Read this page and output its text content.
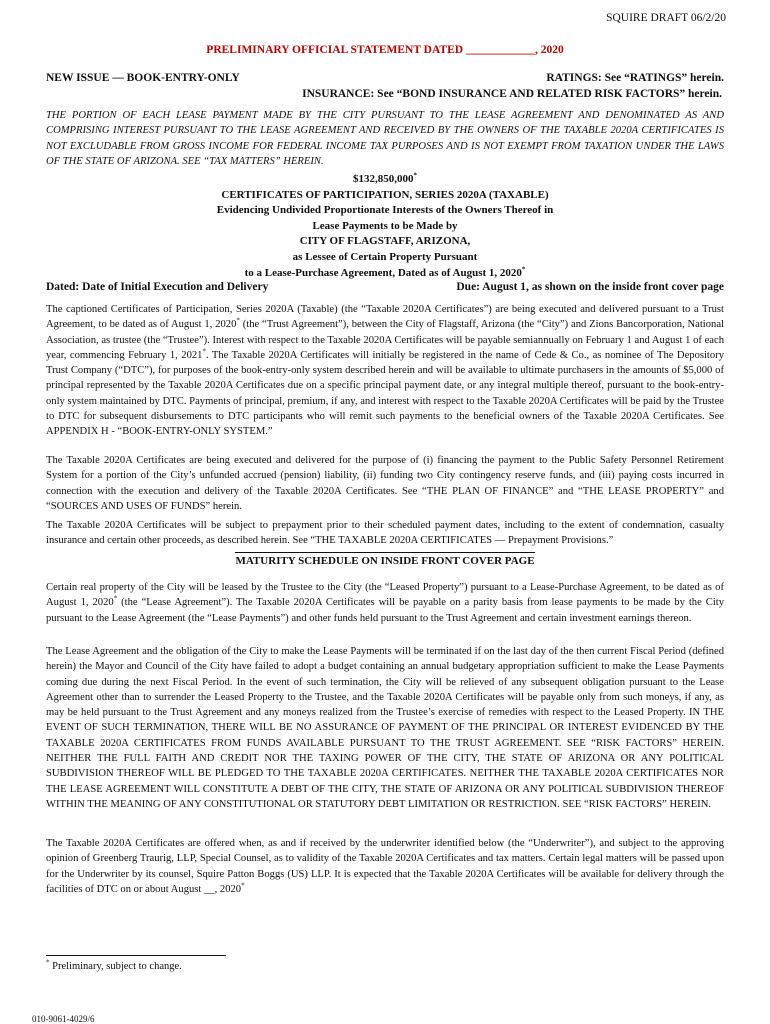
SQUIRE DRAFT 06/2/20
PRELIMINARY OFFICIAL STATEMENT DATED ____________, 2020
NEW ISSUE — BOOK-ENTRY-ONLY	RATINGS: See “RATINGS” herein.
INSURANCE: See “BOND INSURANCE AND RELATED RISK FACTORS” herein.
THE PORTION OF EACH LEASE PAYMENT MADE BY THE CITY PURSUANT TO THE LEASE AGREEMENT AND DENOMINATED AS AND COMPRISING INTEREST PURSUANT TO THE LEASE AGREEMENT AND RECEIVED BY THE OWNERS OF THE TAXABLE 2020A CERTIFICATES IS NOT EXCLUDABLE FROM GROSS INCOME FOR FEDERAL INCOME TAX PURPOSES AND IS NOT EXEMPT FROM TAXATION UNDER THE LAWS OF THE STATE OF ARIZONA. SEE “TAX MATTERS” HEREIN.
$132,850,000*
CERTIFICATES OF PARTICIPATION, SERIES 2020A (TAXABLE)
Evidencing Undivided Proportionate Interests of the Owners Thereof in
Lease Payments to be Made by
CITY OF FLAGSTAFF, ARIZONA,
as Lessee of Certain Property Pursuant
to a Lease-Purchase Agreement, Dated as of August 1, 2020*
Dated: Date of Initial Execution and Delivery	Due: August 1, as shown on the inside front cover page
The captioned Certificates of Participation, Series 2020A (Taxable) (the “Taxable 2020A Certificates”) are being executed and delivered pursuant to a Trust Agreement, to be dated as of August 1, 2020* (the “Trust Agreement”), between the City of Flagstaff, Arizona (the “City”) and Zions Bancorporation, National Association, as trustee (the “Trustee”). Interest with respect to the Taxable 2020A Certificates will be payable semiannually on February 1 and August 1 of each year, commencing February 1, 2021*. The Taxable 2020A Certificates will initially be registered in the name of Cede & Co., as nominee of The Depository Trust Company (“DTC”), for purposes of the book-entry-only system described herein and will be available to ultimate purchasers in the amounts of $5,000 of principal represented by the Taxable 2020A Certificates due on a specific principal payment date, or any integral multiple thereof, pursuant to the book-entry-only system maintained by DTC. Payments of principal, premium, if any, and interest with respect to the Taxable 2020A Certificates will be paid by the Trustee to DTC for subsequent disbursements to DTC participants who will remit such payments to the beneficial owners of the Taxable 2020A Certificates. See APPENDIX H - “BOOK-ENTRY-ONLY SYSTEM.”
The Taxable 2020A Certificates are being executed and delivered for the purpose of (i) financing the payment to the Public Safety Personnel Retirement System for a portion of the City’s unfunded accrued (pension) liability, (ii) funding two City contingency reserve funds, and (iii) paying costs incurred in connection with the execution and delivery of the Taxable 2020A Certificates. See “THE PLAN OF FINANCE” and “THE LEASE PROPERTY” and “SOURCES AND USES OF FUNDS” herein.
The Taxable 2020A Certificates will be subject to prepayment prior to their scheduled payment dates, including to the extent of condemnation, casualty insurance and certain other proceeds, as described herein. See “THE TAXABLE 2020A CERTIFICATES — Prepayment Provisions.”
MATURITY SCHEDULE ON INSIDE FRONT COVER PAGE
Certain real property of the City will be leased by the Trustee to the City (the “Leased Property”) pursuant to a Lease-Purchase Agreement, to be dated as of August 1, 2020* (the “Lease Agreement”). The Taxable 2020A Certificates will be payable on a parity basis from lease payments to be made by the City pursuant to the Lease Agreement (the “Lease Payments”) and other funds held pursuant to the Trust Agreement and certain investment earnings thereon.
The Lease Agreement and the obligation of the City to make the Lease Payments will be terminated if on the last day of the then current Fiscal Period (defined herein) the Mayor and Council of the City have failed to adopt a budget containing an annual budgetary appropriation sufficient to make the Lease Payments coming due during the next Fiscal Period. In the event of such termination, the City will be relieved of any subsequent obligation pursuant to the Lease Agreement other than to surrender the Leased Property to the Trustee, and the Taxable 2020A Certificates will be payable only from such moneys, if any, as may be held pursuant to the Trust Agreement and any moneys realized from the Trustee’s exercise of remedies with respect to the Leased Property. IN THE EVENT OF SUCH TERMINATION, THERE WILL BE NO ASSURANCE OF PAYMENT OF THE PRINCIPAL OR INTEREST EVIDENCED BY THE TAXABLE 2020A CERTIFICATES FROM FUNDS AVAILABLE PURSUANT TO THE TRUST AGREEMENT. SEE “RISK FACTORS” HEREIN. NEITHER THE FULL FAITH AND CREDIT NOR THE TAXING POWER OF THE CITY, THE STATE OF ARIZONA OR ANY POLITICAL SUBDIVISION THEREOF WILL BE PLEDGED TO THE TAXABLE 2020A CERTIFICATES. NEITHER THE TAXABLE 2020A CERTIFICATES NOR THE LEASE AGREEMENT WILL CONSTITUTE A DEBT OF THE CITY, THE STATE OF ARIZONA OR ANY POLITICAL SUBDIVISION THEREOF WITHIN THE MEANING OF ANY CONSTITUTIONAL OR STATUTORY DEBT LIMITATION OR RESTRICTION. SEE “RISK FACTORS” HEREIN.
The Taxable 2020A Certificates are offered when, as and if received by the underwriter identified below (the “Underwriter”), and subject to the approving opinion of Greenberg Traurig, LLP, Special Counsel, as to validity of the Taxable 2020A Certificates and tax matters. Certain legal matters will be passed upon for the Underwriter by its counsel, Squire Patton Boggs (US) LLP. It is expected that the Taxable 2020A Certificates will be available for delivery through the facilities of DTC on or about August __, 2020*
* Preliminary, subject to change.
010-9061-4029/6
